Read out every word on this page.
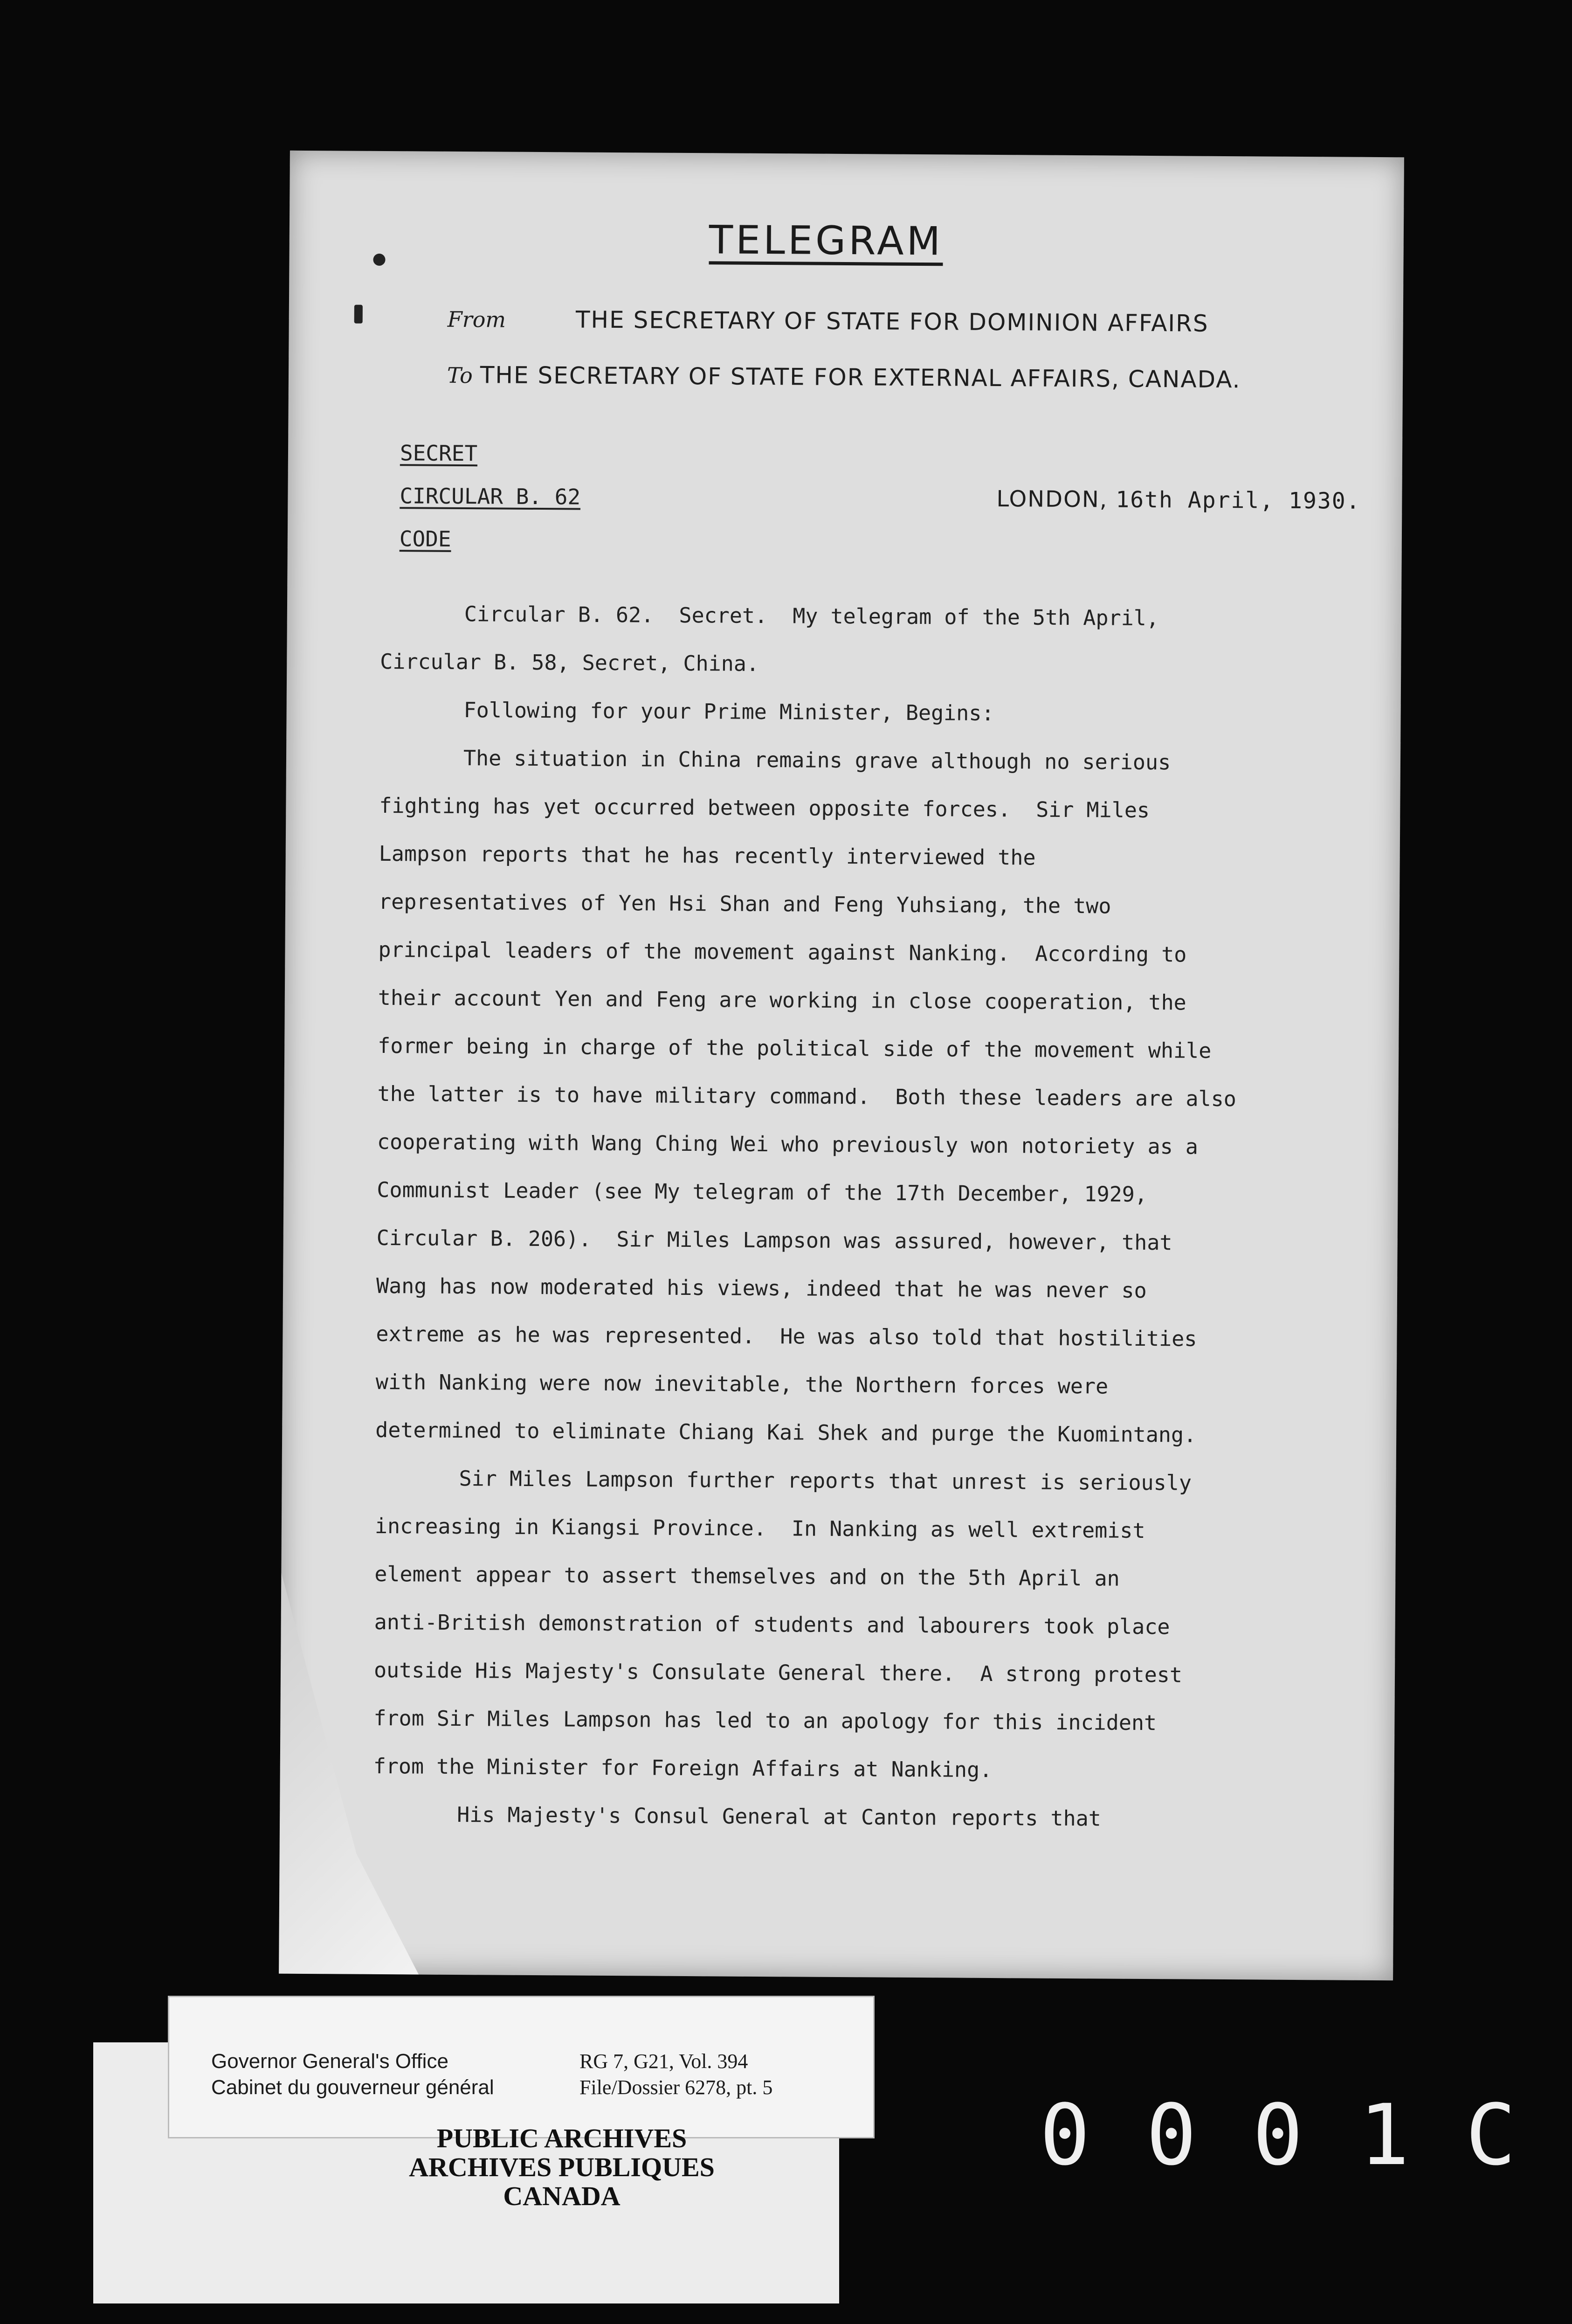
TELEGRAM
From	THE SECRETARY OF STATE FOR DOMINION AFFAIRS
To THE SECRETARY OF STATE FOR EXTERNAL AFFAIRS, CANADA.
SECRET
CIRCULAR B. 62
CODE
LONDON, 16th April, 1930.

Circular B. 62.  Secret.  My telegram of the 5th April,

Circular B. 58, Secret, China.

Following for your Prime Minister, Begins:

The situation in China remains grave although no serious

fighting has yet occurred between opposite forces.  Sir Miles

Lampson reports that he has recently interviewed the

representatives of Yen Hsi Shan and Feng Yuhsiang, the two

principal leaders of the movement against Nanking.  According to

their account Yen and Feng are working in close cooperation, the

former being in charge of the political side of the movement while

the latter is to have military command.  Both these leaders are also

cooperating with Wang Ching Wei who previously won notoriety as a

Communist Leader (see My telegram of the 17th December, 1929,

Circular B. 206).  Sir Miles Lampson was assured, however, that

Wang has now moderated his views, indeed that he was never so

extreme as he was represented.  He was also told that hostilities

with Nanking were now inevitable, the Northern forces were

determined to eliminate Chiang Kai Shek and purge the Kuomintang.

Sir Miles Lampson further reports that unrest is seriously

increasing in Kiangsi Province.  In Nanking as well extremist

element appear to assert themselves and on the 5th April an

anti-British demonstration of students and labourers took place

outside His Majesty's Consulate General there.  A strong protest

from Sir Miles Lampson has led to an apology for this incident

from the Minister for Foreign Affairs at Nanking.

His Majesty's Consul General at Canton reports that

Governor General's Office
Cabinet du gouverneur général
RG 7, G21, Vol. 394
File/Dossier 6278, pt. 5
PUBLIC ARCHIVES
ARCHIVES PUBLIQUES
CANADA
0001C
